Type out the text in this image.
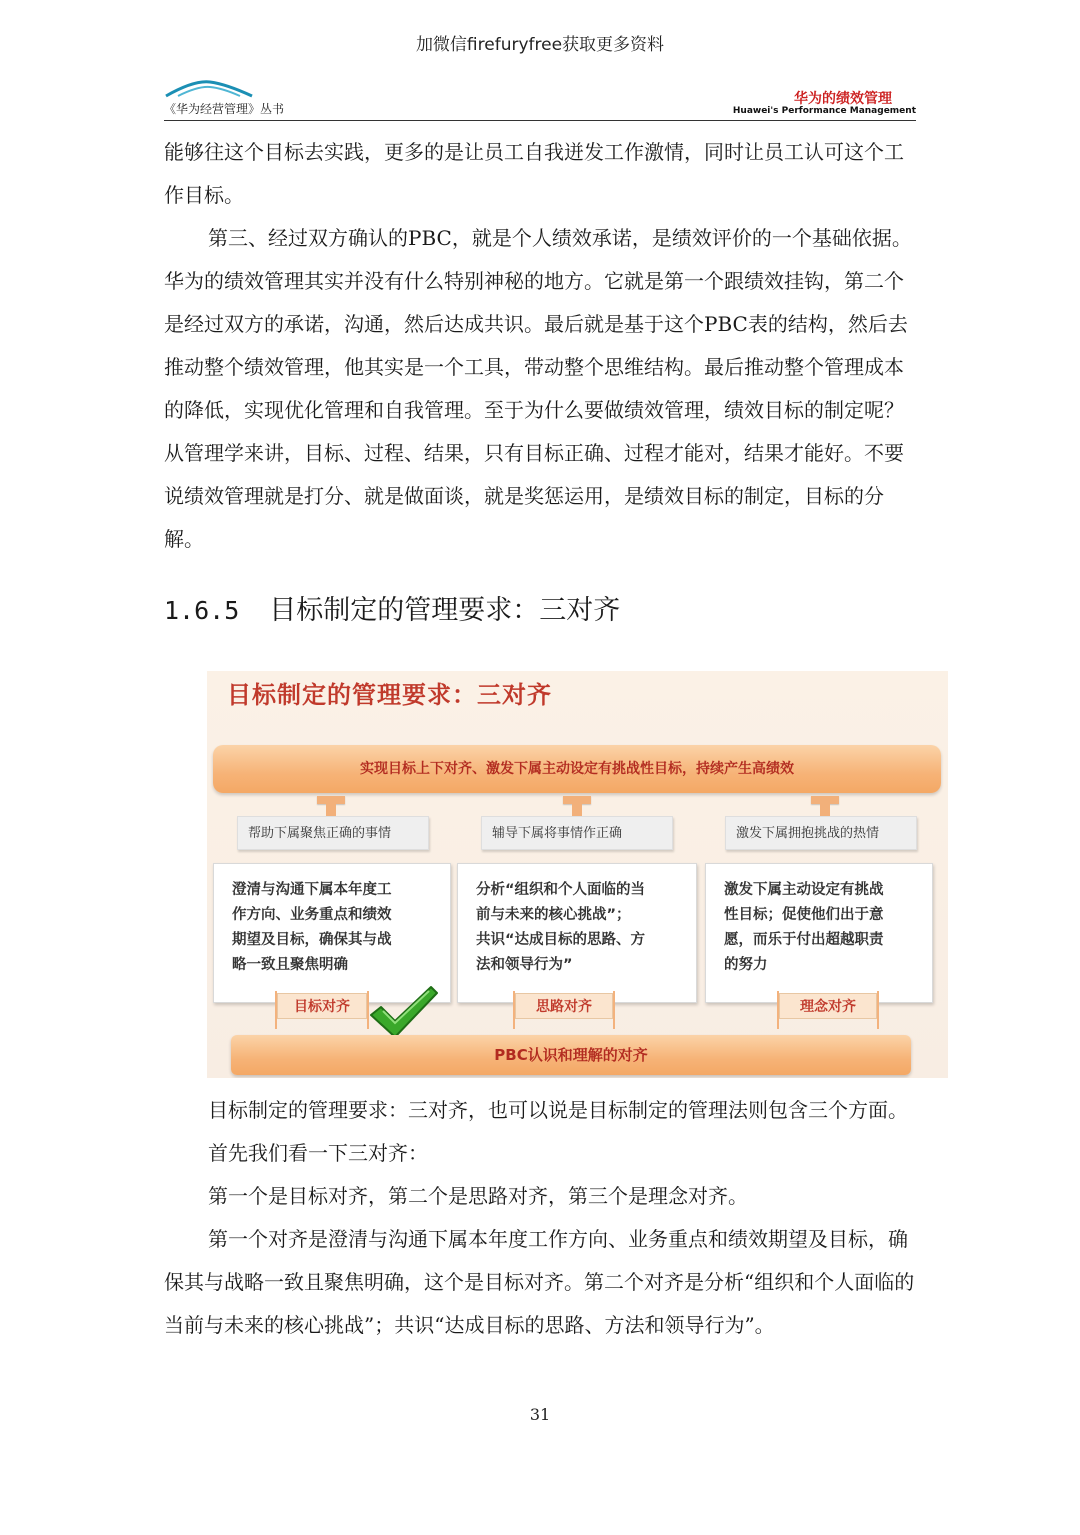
加微信firefuryfree获取更多资料
《华为经营管理》丛书
华为的绩效管理
Huawei's Performance Management

能够往这个目标去实践，更多的是让员工自我迸发工作激情，同时让员工认可这个工作目标。

第三、经过双方确认的PBC，就是个人绩效承诺，是绩效评价的一个基础依据。华为的绩效管理其实并没有什么特别神秘的地方。它就是第一个跟绩效挂钩，第二个是经过双方的承诺，沟通，然后达成共识。最后就是基于这个PBC表的结构，然后去推动整个绩效管理，他其实是一个工具，带动整个思维结构。最后推动整个管理成本的降低，实现优化管理和自我管理。至于为什么要做绩效管理，绩效目标的制定呢？从管理学来讲，目标、过程、结果，只有目标正确、过程才能对，结果才能好。不要说绩效管理就是打分、就是做面谈，就是奖惩运用，是绩效目标的制定，目标的分解。

1.6.5 目标制定的管理要求：三对齐
目标制定的管理要求：三对齐
实现目标上下对齐、激发下属主动设定有挑战性目标，持续产生高绩效
帮助下属聚焦正确的事情	辅导下属将事情作正确	激发下属拥抱挑战的热情
澄清与沟通下属本年度工
作方向、业务重点和绩效
期望及目标，确保其与战
略一致且聚焦明确
分析“组织和个人面临的当
前与未来的核心挑战”；
共识“达成目标的思路、方
法和领导行为”
激发下属主动设定有挑战
性目标；促使他们出于意
愿，而乐于付出超越职责
的努力
目标对齐	思路对齐	理念对齐
PBC认识和理解的对齐

目标制定的管理要求：三对齐，也可以说是目标制定的管理法则包含三个方面。

首先我们看一下三对齐：

第一个是目标对齐，第二个是思路对齐，第三个是理念对齐。

第一个对齐是澄清与沟通下属本年度工作方向、业务重点和绩效期望及目标，确保其与战略一致且聚焦明确，这个是目标对齐。第二个对齐是分析“组织和个人面临的当前与未来的核心挑战”；共识“达成目标的思路、方法和领导行为”。

31
